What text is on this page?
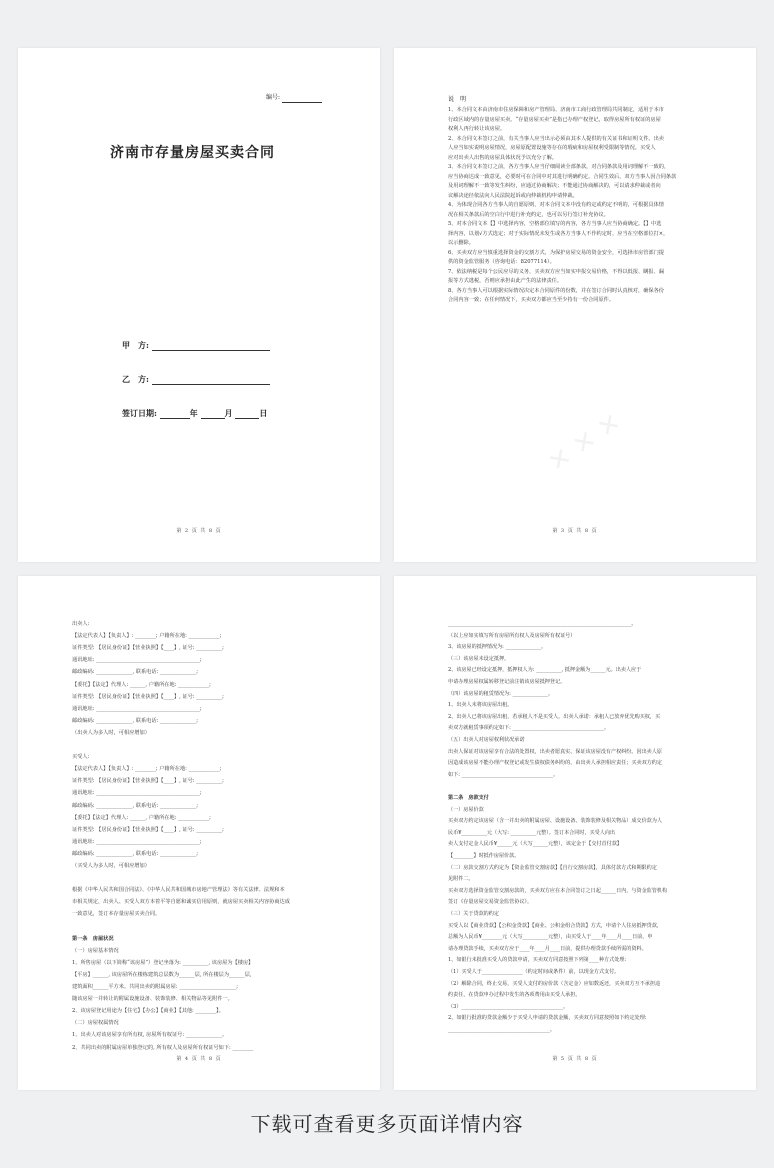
编号:
济南市存量房屋买卖合同
甲　方:
乙　方:
签订日期:	年	月	日
第 2 页 共 8 页
✕ ✕ ✕
说　明
1、本合同文本由济南市住房保障和房产管理局、济南市工商行政管理局共同制定，适用于本市
行政区域内的存量房屋买卖。“存量房屋买卖”是指已办理产权登记，取得房屋所有权证的房屋
权利人再行转让该房屋。
2、本合同文本签订之前，有关当事人应当出示必须由其本人提供的有关证书和证明文件。出卖
人应当如实说明房屋情况，房屋原配置设施等存在的瑕疵和房屋权利受限制等情况。买受人
应对出卖人出售的房屋具体状况予以充分了解。
3、本合同文本签订之前，各方当事人应当仔细阅读全部条款，对合同条款及用词理解不一致的，
应当协商达成一致意见，必要时可在合同中对其进行明确约定。合同生效后，双方当事人因合同条款
及用词理解不一致等发生纠纷，应通过协商解决；不能通过协商解决的，可以请求仲裁或者向
议解决途径依法向人民法院起诉或向仲裁机构申请仲裁。
4、为体现合同各方当事人的自愿原则，对本合同文本中没有约定或约定不明的，可根据具体情
况在相关条款后的空白行中进行补充约定，也可以另行签订补充协议。
5、对本合同文本【】中选择内容，空格部位填写的内容，各方当事人应当协商确定。【】中选
择内容，以划√方式选定；对于实际情况未发生或各方当事人不作约定时，应当在空格部位打×，
以示删除。
6、买卖双方应当慎重选择资金的交割方式，为保护房屋交易的资金安全，可选择市房管部门提
供的资金监管服务（咨询电话：82077114）。
7、依法纳税是每个公民应尽的义务，买卖双方应当如实申报交易价格，不得以低报、瞒报、漏
报等方式逃税，否则应承担由此产生的法律责任。
8、各方当事人可以根据实际情况决定本合同原件的份数，并在签订合同时认真核对，确保各份
合同内容一致；在任何情况下，买卖双方都应当至少持有一份合同原件。
第 3 页 共 8 页
出卖人:
【法定代表人】【负责人】: ________; 户籍所在地: ____________;
证件类型: 【居民身份证】【营业执照】【____】, 证号: __________;
通讯地址: ________________________________________;
邮政编码: ______________, 联系电话: ______________;
【委托】【法定】代理人: ______, 户籍所在地: ____________;
证件类型: 【居民身份证】【营业执照】【____】, 证号: __________;
通讯地址: ________________________________________;
邮政编码: ______________, 联系电话: ______________;
（出卖人为多人时，可相应增加）
买受人:
【法定代表人】【负责人】: ________; 户籍所在地: ____________;
证件类型: 【居民身份证】【营业执照】【____】, 证号: __________;
通讯地址: ________________________________________;
邮政编码: ______________, 联系电话: ______________;
【委托】【法定】代理人: ______, 户籍所在地: ____________;
证件类型: 【居民身份证】【营业执照】【____】, 证号: __________;
通讯地址: ________________________________________;
邮政编码: ______________, 联系电话: ______________;
（买受人为多人时，可相应增加）
根据《中华人民共和国合同法》、《中华人民共和国城市房地产管理法》等有关法律、法规和本
市相关规定，出卖人、买受人双方本着平等自愿和诚实信用原则，就房屋买卖相关内容协商达成
一致意见，签订本存量房屋买卖合同。
第一条　房屋状况
（一）房屋基本情况
1、所售房屋（以下简称“该房屋”）登记坐落为: __________, 该房屋为【楼房】
【平房】______, 该房屋所在楼栋建筑总层数为______层, 所在楼层为______层,
建筑面积______平方米。共同出卖的附属房屋: ______________________;
随该房屋一并转让的附属设施设备、装饰装修、相关物品等见附件一。
2、该房屋登记用途为【住宅】【办公】【商业】【其他: ________】。
（二）房屋权属情况
1、出卖人对该房屋享有所有权, 房屋所有权证号: ______________。
2、共同出卖的附属房屋单独登记的, 所有权人及房屋所有权证号如下: ________
第 4 页 共 8 页
________________________________________________________________________。
（以上应如实填写所有房屋所有权人及房屋所有权证号）
3、该房屋的抵押情况为: ______________。
（三）该房屋未设定抵押。
2、该房屋已经设定抵押，抵押权人为: __________, 抵押金额为______元。出卖人应于
申请办理房屋权属转移登记前注销该房屋抵押登记。
（四）该房屋的租赁情况为: ______________。
1、出卖人未将该房屋出租。
2、出卖人已将该房屋出租，若承租人不是买受人，出卖人承诺：承租人已放弃优先购买权，买
卖双方就租赁事项约定如下: ____________________________________。
（五）出卖人对房屋权利状况承诺
出卖人保证对该房屋享有合法的处置权，出卖者愿真实、保证该房屋没有产权纠纷。因出卖人原
因造成该房屋不能办理产权登记或发生债权债务纠纷的，由出卖人承担相应责任；买卖双方约定
如下: ____________________________________。
第二条　房款支付
（一）房屋价款
买卖双方约定该房屋（含一并出卖的附属房屋、设施设备、装饰装修及相关物品）成交价款为人
民币¥__________元（大写: __________元整）。签订本合同时，买受人向出
卖人支付定金人民币¥______元（大写______元整），该定金于【交付首付款】
【________】时抵作房屋价款。
（二）房款交割方式约定为【资金监管交割房款】【自行交割房款】，具体付款方式和期限约定
见附件二。
买卖双方选择资金监管交割房款的，买卖双方应在本合同签订之日起______日内，与资金监管机构
签订《存量房屋交易资金监管协议》。
（三）关于贷款的约定
买受人以【商业贷款】【公积金贷款】【商业、公积金组合贷款】方式，申请个人住房抵押贷款，
总额为人民币¥________元（大写__________元整），由买受人于____年____月____日前，申
请办理贷款手续，买卖双方应于____年____月____日前，提供办理贷款手续所需的资料。
1、如银行未批准买受人的贷款申请，买卖双方同意按照下列第____种方式处理:
（1）买受人于________________（约定时间或条件）前，以现金方式支付。
（2）解除合同，终止交易，买受人支付的房价款（含定金）应如数返还，买卖双方互不承担违
约责任，在贷款申办过程中发生的各项费用由买受人承担。
（3）________________________________________。
2、如银行批准的贷款金额少于买受人申请的贷款金额，买卖双方同意按照如下约定处理:
________________________________________。
第 5 页 共 8 页
下载可查看更多页面详情内容
